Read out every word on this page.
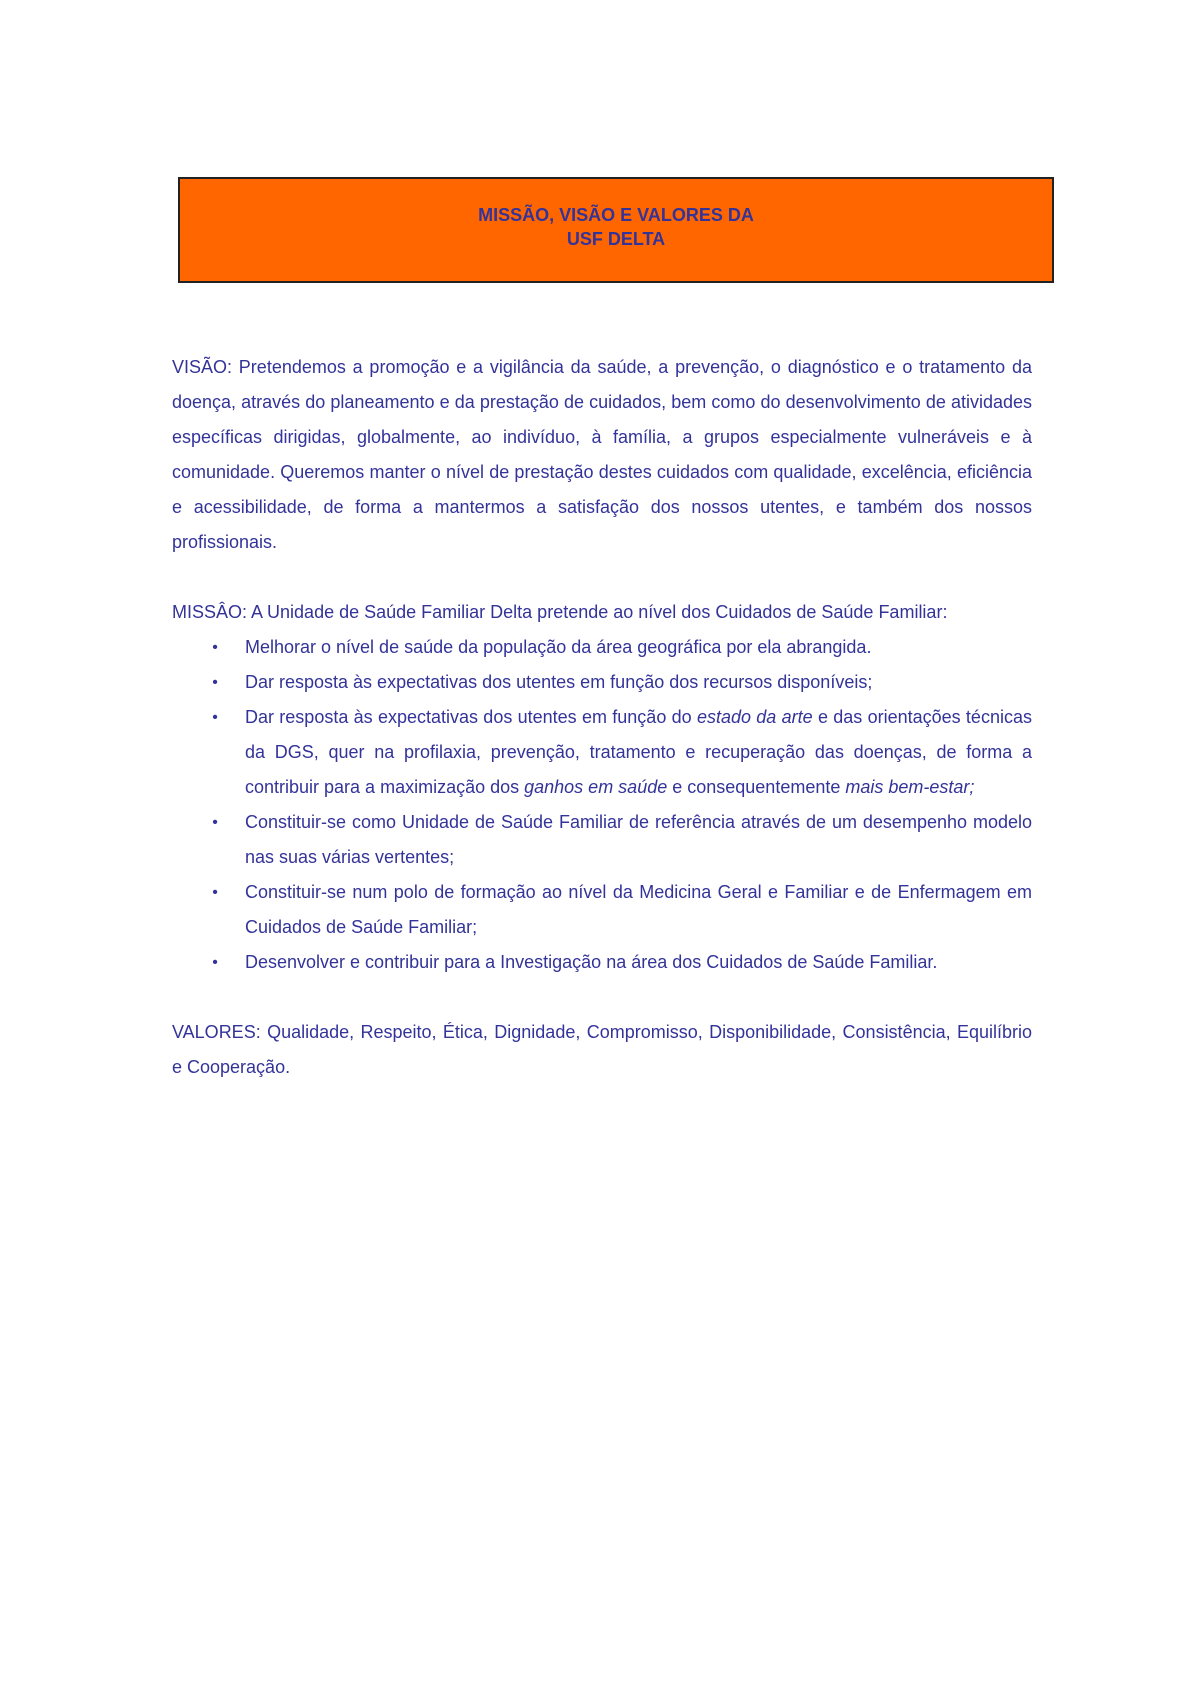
MISSÃO, VISÃO E VALORES DA
USF DELTA

VISÃO: Pretendemos a promoção e a vigilância da saúde, a prevenção, o diagnóstico e o tratamento da doença, através do planeamento e da prestação de cuidados, bem como do desenvolvimento de atividades específicas dirigidas, globalmente, ao indivíduo, à família, a grupos especialmente vulneráveis e à comunidade. Queremos manter o nível de prestação destes cuidados com qualidade, excelência, eficiência e acessibilidade, de forma a mantermos a satisfação dos nossos utentes, e também dos nossos profissionais.

MISSÂO: A Unidade de Saúde Familiar Delta pretende ao nível dos Cuidados de Saúde Familiar:

• Melhorar o nível de saúde da população da área geográfica por ela abrangida.
• Dar resposta às expectativas dos utentes em função dos recursos disponíveis;
• Dar resposta às expectativas dos utentes em função do estado da arte e das orientações técnicas da DGS, quer na profilaxia, prevenção, tratamento e recuperação das doenças, de forma a contribuir para a maximização dos ganhos em saúde e consequentemente mais bem-estar;
• Constituir-se como Unidade de Saúde Familiar de referência através de um desempenho modelo nas suas várias vertentes;
• Constituir-se num polo de formação ao nível da Medicina Geral e Familiar e de Enfermagem em Cuidados de Saúde Familiar;
• Desenvolver e contribuir para a Investigação na área dos Cuidados de Saúde Familiar.

VALORES: Qualidade, Respeito, Ética, Dignidade, Compromisso, Disponibilidade, Consistência, Equilíbrio e Cooperação.
